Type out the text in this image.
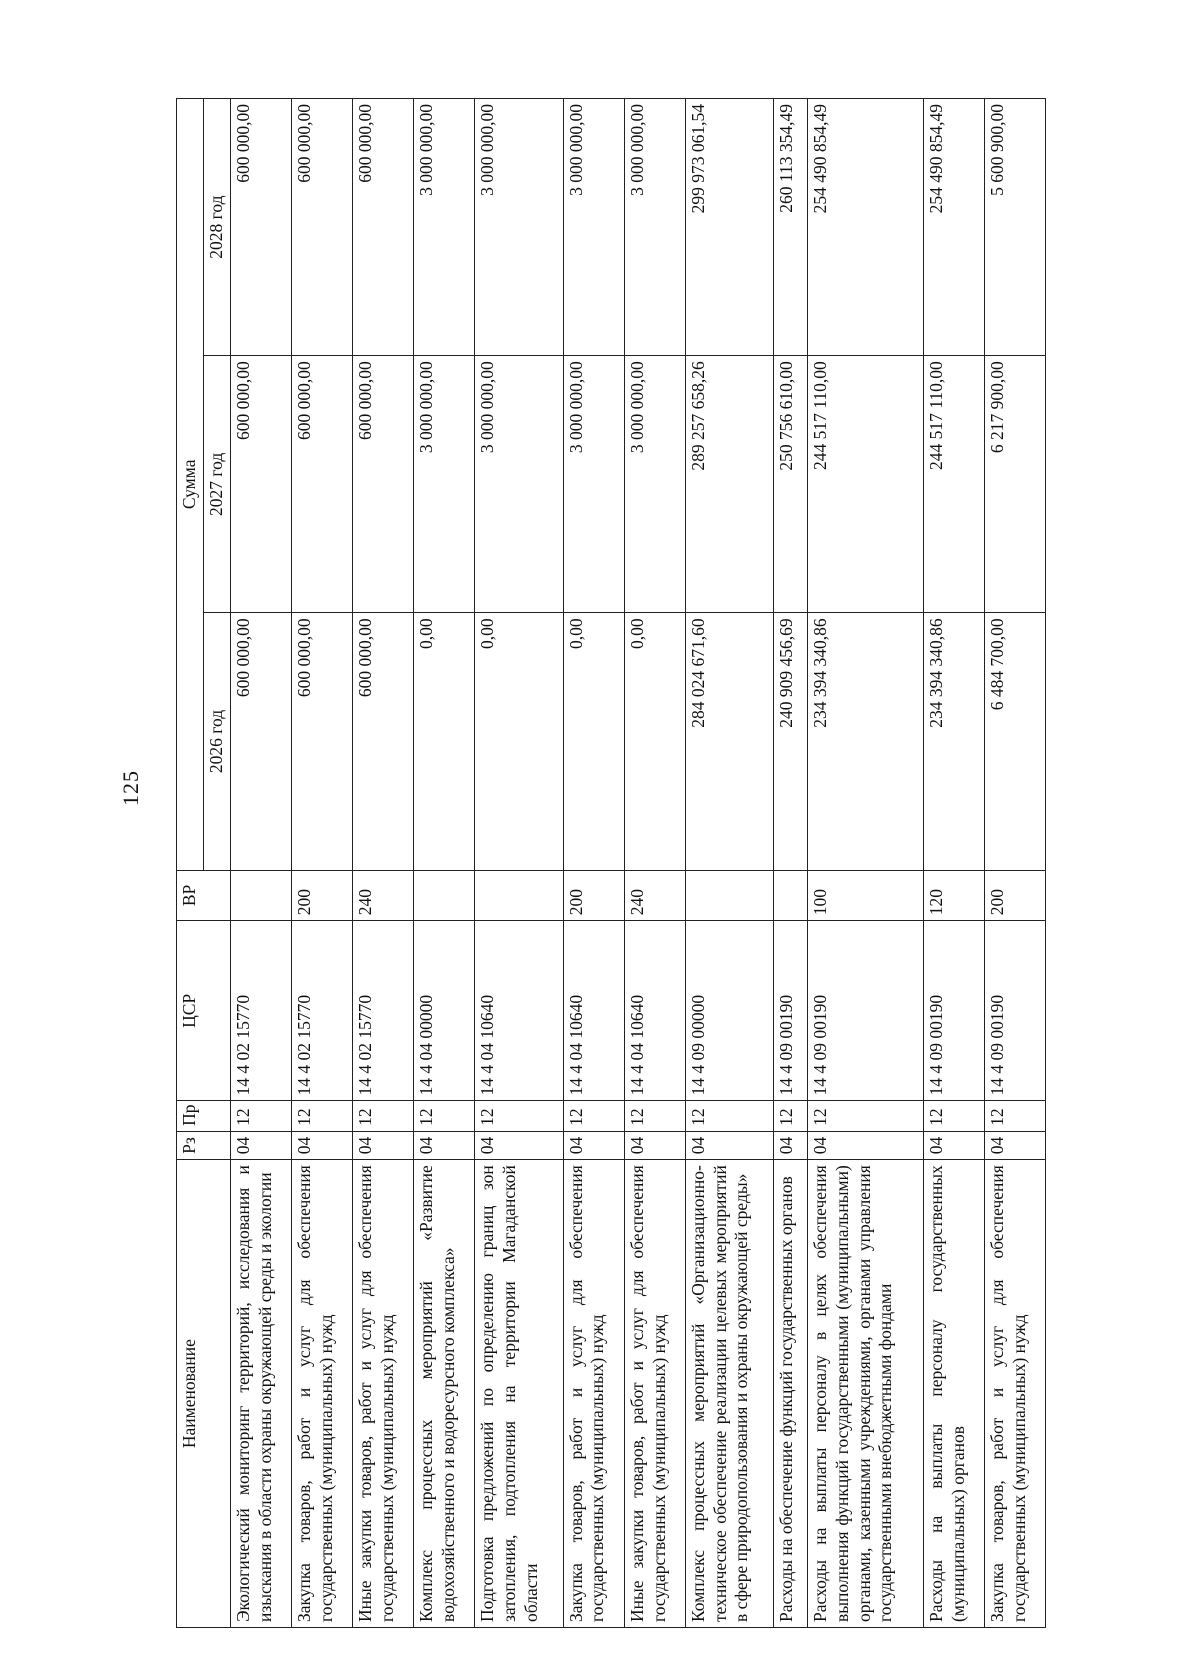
125
Наименование	Рз	Пр	ЦСР	ВР	Сумма		
					2026 год	2027 год	2028 год
Экологический мониторинг территорий, исследования и изыскания в области охраны окружающей среды и экологии	04	12	14 4 02 15770		600 000,00	600 000,00	600 000,00
Закупка товаров, работ и услуг для обеспечения государственных (муниципальных) нужд	04	12	14 4 02 15770	200	600 000,00	600 000,00	600 000,00
Иные закупки товаров, работ и услуг для обеспечения государственных (муниципальных) нужд	04	12	14 4 02 15770	240	600 000,00	600 000,00	600 000,00
Комплекс процессных мероприятий «Развитие водохозяйственного и водоресурсного комплекса»	04	12	14 4 04 00000		0,00	3 000 000,00	3 000 000,00
Подготовка предложений по определению границ зон затопления, подтопления на территории Магаданской области	04	12	14 4 04 10640		0,00	3 000 000,00	3 000 000,00
Закупка товаров, работ и услуг для обеспечения государственных (муниципальных) нужд	04	12	14 4 04 10640	200	0,00	3 000 000,00	3 000 000,00
Иные закупки товаров, работ и услуг для обеспечения государственных (муниципальных) нужд	04	12	14 4 04 10640	240	0,00	3 000 000,00	3 000 000,00
Комплекс процессных мероприятий «Организационно-техническое обеспечение реализации целевых мероприятий в сфере природопользования и охраны окружающей среды»	04	12	14 4 09 00000		284 024 671,60	289 257 658,26	299 973 061,54
Расходы на обеспечение функций государственных органов	04	12	14 4 09 00190		240 909 456,69	250 756 610,00	260 113 354,49
Расходы на выплаты персоналу в целях обеспечения выполнения функций государственными (муниципальными) органами, казенными учреждениями, органами управления государственными внебюджетными фондами	04	12	14 4 09 00190	100	234 394 340,86	244 517 110,00	254 490 854,49
Расходы на выплаты персоналу государственных (муниципальных) органов	04	12	14 4 09 00190	120	234 394 340,86	244 517 110,00	254 490 854,49
Закупка товаров, работ и услуг для обеспечения государственных (муниципальных) нужд	04	12	14 4 09 00190	200	6 484 700,00	6 217 900,00	5 600 900,00
